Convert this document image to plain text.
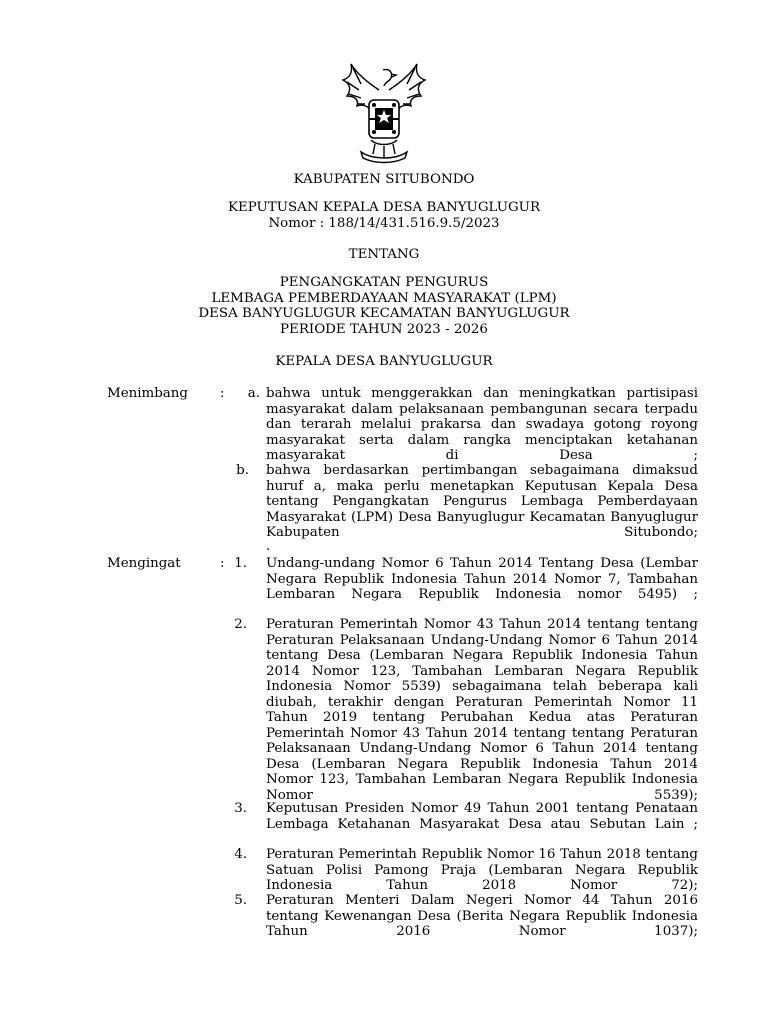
KABUPATEN SITUBONDO
KEPUTUSAN KEPALA DESA BANYUGLUGUR
Nomor : 188/14/431.516.9.5/2023
TENTANG
PENGANGKATAN PENGURUS
LEMBAGA PEMBERDAYAAN MASYARAKAT (LPM)
DESA BANYUGLUGUR KECAMATAN BANYUGLUGUR
PERIODE TAHUN 2023 - 2026
KEPALA DESA BANYUGLUGUR
Menimbang :	a. bahwa untuk menggerakkan dan meningkatkan partisipasi masyarakat dalam pelaksanaan pembangunan secara terpadu dan terarah melalui prakarsa dan swadaya gotong royong masyarakat serta dalam rangka menciptakan ketahanan masyarakat di Desa ;
b. bahwa berdasarkan pertimbangan sebagaimana dimaksud huruf a, maka perlu menetapkan Keputusan Kepala Desa tentang Pengangkatan Pengurus Lembaga Pemberdayaan Masyarakat (LPM) Desa Banyuglugur Kecamatan Banyuglugur Kabupaten Situbondo;
.
Mengingat	: 1. Undang-undang Nomor 6 Tahun 2014 Tentang Desa (Lembar Negara Republik Indonesia Tahun 2014 Nomor 7, Tambahan Lembaran Negara Republik Indonesia nomor 5495) ;
2. Peraturan Pemerintah Nomor 43 Tahun 2014 tentang tentang Peraturan Pelaksanaan Undang-Undang Nomor 6 Tahun 2014 tentang Desa (Lembaran Negara Republik Indonesia Tahun 2014 Nomor 123, Tambahan Lembaran Negara Republik Indonesia Nomor 5539) sebagaimana telah beberapa kali diubah, terakhir dengan Peraturan Pemerintah Nomor 11 Tahun 2019 tentang Perubahan Kedua atas Peraturan Pemerintah Nomor 43 Tahun 2014 tentang tentang Peraturan Pelaksanaan Undang-Undang Nomor 6 Tahun 2014 tentang Desa (Lembaran Negara Republik Indonesia Tahun 2014 Nomor 123, Tambahan Lembaran Negara Republik Indonesia Nomor 5539);
3. Keputusan Presiden Nomor 49 Tahun 2001 tentang Penataan Lembaga Ketahanan Masyarakat Desa atau Sebutan Lain ;
4. Peraturan Pemerintah Republik Nomor 16 Tahun 2018 tentang Satuan Polisi Pamong Praja (Lembaran Negara Republik Indonesia Tahun 2018 Nomor 72);
5. Peraturan Menteri Dalam Negeri Nomor 44 Tahun 2016 tentang Kewenangan Desa (Berita Negara Republik Indonesia Tahun 2016 Nomor 1037);
